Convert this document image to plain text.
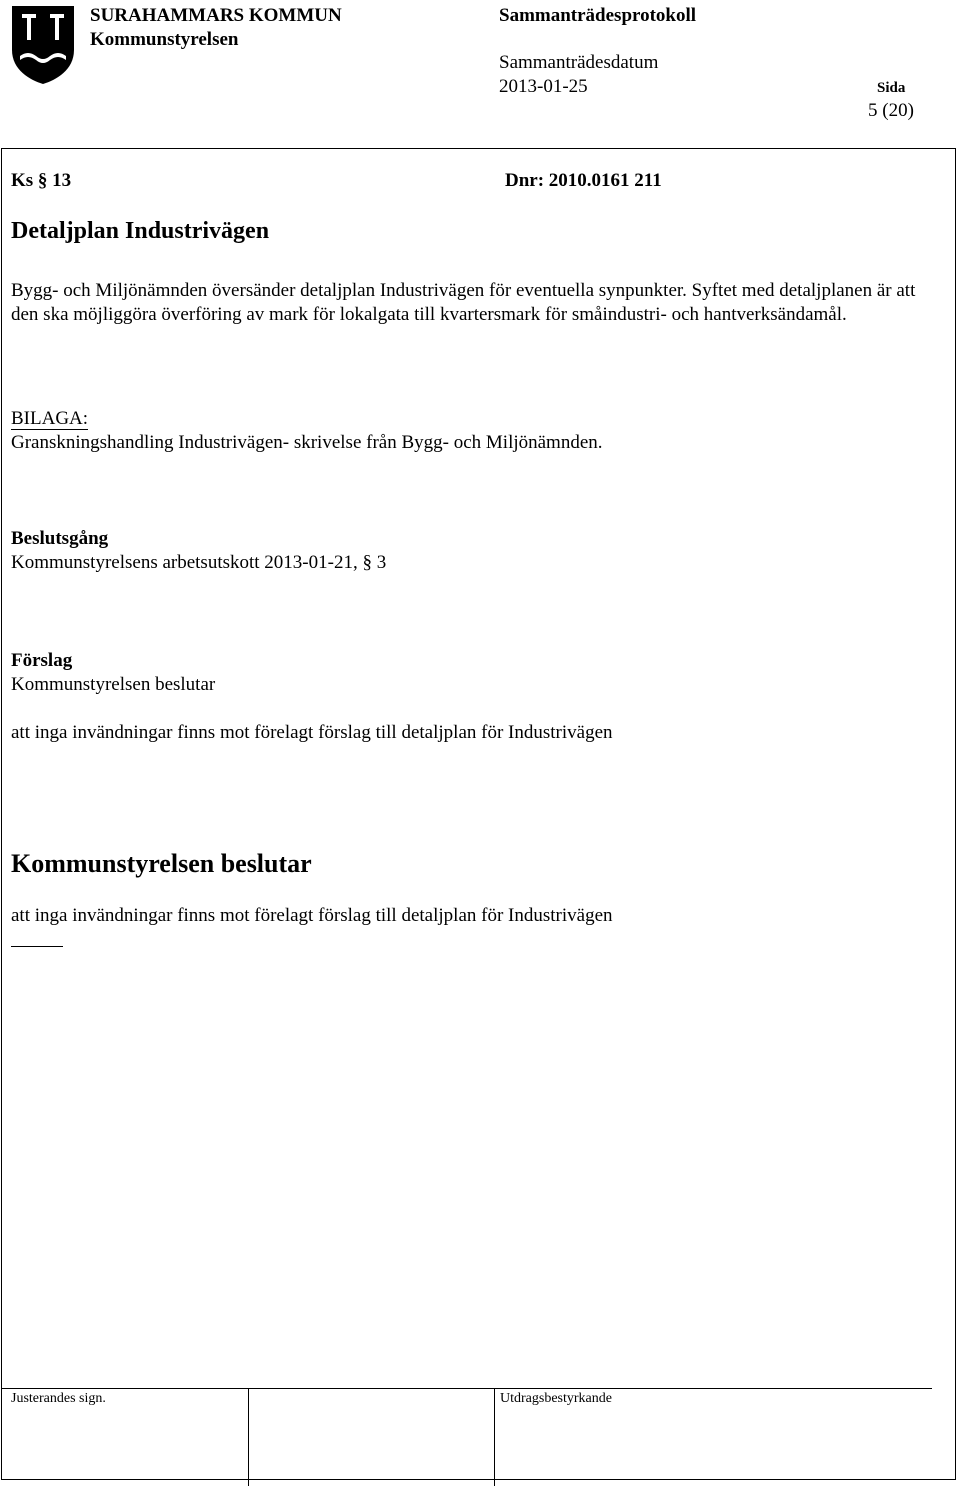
SURAHAMMARS KOMMUN
Kommunstyrelsen
Sammanträdesprotokoll
Sammanträdesdatum
2013-01-25	Sida
5 (20)
Ks § 13	Dnr: 2010.0161 211
Detaljplan Industrivägen
Bygg- och Miljönämnden översänder detaljplan Industrivägen för eventuella synpunkter. Syftet med detaljplanen är att den ska möjliggöra överföring av mark för lokalgata till kvartersmark för småindustri- och hantverksändamål.
BILAGA:
Granskningshandling Industrivägen- skrivelse från Bygg- och Miljönämnden.
Beslutsgång
Kommunstyrelsens arbetsutskott 2013-01-21, § 3
Förslag
Kommunstyrelsen beslutar
att inga invändningar finns mot förelagt förslag till detaljplan för Industrivägen
Kommunstyrelsen beslutar
att inga invändningar finns mot förelagt förslag till detaljplan för Industrivägen
Justerandes sign.	Utdragsbestyrkande
